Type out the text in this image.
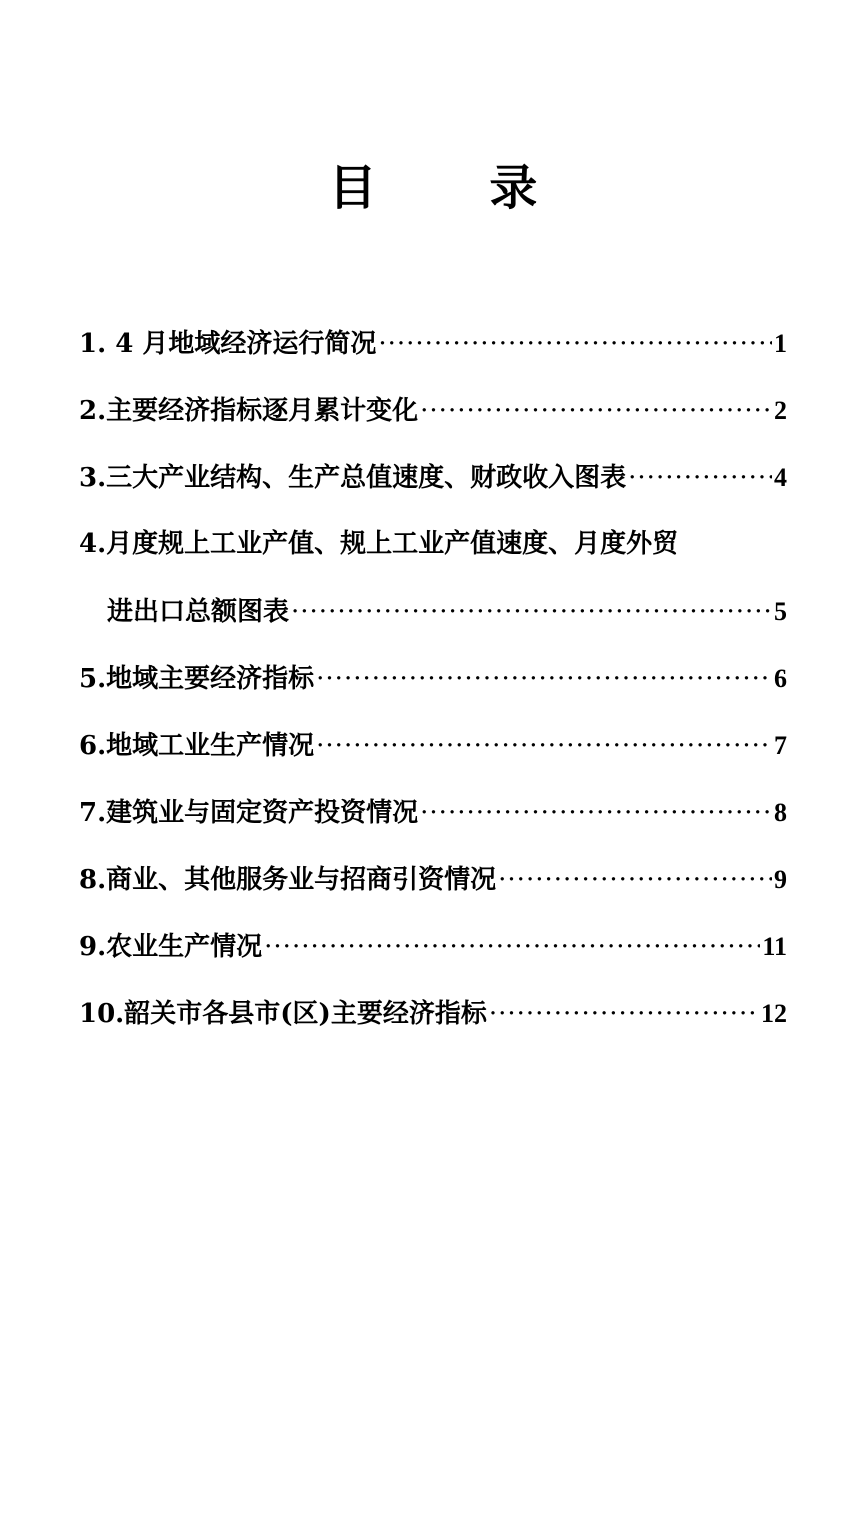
目 录
1. 4 月地域经济运行简况 ·····	1
2.主要经济指标逐月累计变化 ·····	2
3.三大产业结构、生产总值速度、财政收入图表 ·····	4
4.月度规上工业产值、规上工业产值速度、月度外贸
进出口总额图表 ·····	5
5.地域主要经济指标 ·····	6
6.地域工业生产情况 ·····	7
7.建筑业与固定资产投资情况 ·····	8
8.商业、其他服务业与招商引资情况 ·····	9
9.农业生产情况 ·····	11
10.韶关市各县市(区)主要经济指标 ·····	12
